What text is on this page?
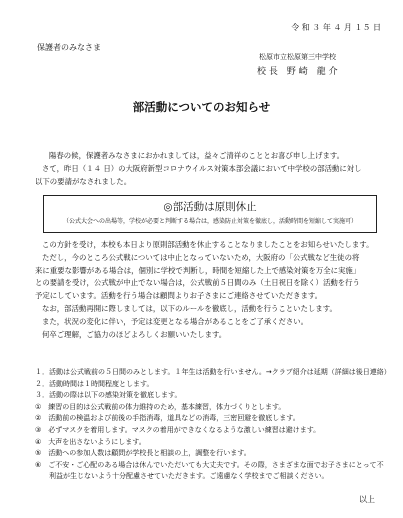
令 和 ３ 年 ４ 月 １５ 日
保護者のみなさま
松原市立松原第三中学校
校 長　野 崎　龍 介
部活動についてのお知らせ

陽春の候，保護者みなさまにおかれましては，益々ご清祥のこととお喜び申し上げます。

さて，昨日（１４ 日）の大阪府新型コロナウイルス対策本部会議において中学校の部活動に対し

以下の要請がなされました。

◎部活動は原則休止
（公式大会への出場等，学校が必要と判断する場合は，感染防止対策を徹底し，活動時間を短縮して実施可）

この方針を受け，本校も本日より原則部活動を休止することなりましたことをお知らせいたします。

ただし，今のところ公式戦については中止となっていないため，大阪府の「公式戦など生徒の将

来に重要な影響がある場合は，個別に学校で判断し，時間を短縮した上で感染対策を万全に実施」

との要請を受け，公式戦が中止でない場合は，公式戦前５日間のみ（土日祝日を除く）活動を行う

予定にしています。活動を行う場合は顧問よりお子さまにご連絡させていただきます。

なお，部活動再開に際しましては，以下のルールを徹底し，活動を行うこといたします。

また，状況の変化に伴い，予定は変更となる場合があることをご了承ください。

何卒ご理解，ご協力のほどよろしくお願いいたします。

１．活動は公式戦前の５日間のみとします。１年生は活動を行いません。→クラブ紹介は延期（詳細は後日連絡）

２．活動時間は１時間程度とします。

３．活動の際は以下の感染対策を徹底します。

①　練習の目的は公式戦前の体力維持のため，基本練習，体力づくりとします。

②　活動前の検温および前後の手指消毒，道具などの消毒，三密回避を徹底します。

③　必ずマスクを着用します。マスクの着用ができなくなるような激しい練習は避けます。

④　大声を出さないようにします。

⑤　活動への参加人数は顧問が学校長と相談の上，調整を行います。

⑥　ご不安・ご心配のある場合は休んでいただいても大丈夫です。その際，さまざまな面でお子さまにとって不

　　利益が生じないよう十分配慮させていただきます。ご遠慮なく学校までご相談ください。

以上
